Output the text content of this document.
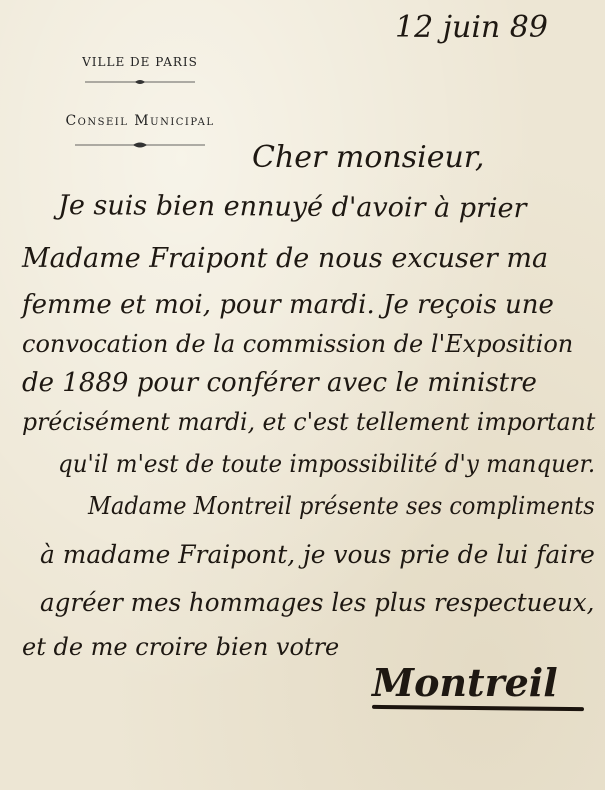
VILLE DE PARIS
Conseil Municipal
12 juin 89
Cher monsieur,
Je suis bien ennuyé d'avoir à prier
Madame Fraipont de nous excuser ma
femme et moi, pour mardi. Je reçois une
convocation de la commission de l'Exposition
de 1889 pour conférer avec le ministre
précisément mardi, et c'est tellement important
qu'il m'est de toute impossibilité d'y manquer.
Madame Montreil présente ses compliments
à madame Fraipont, je vous prie de lui faire
agréer mes hommages les plus respectueux,
et de me croire bien votre
Montreil
